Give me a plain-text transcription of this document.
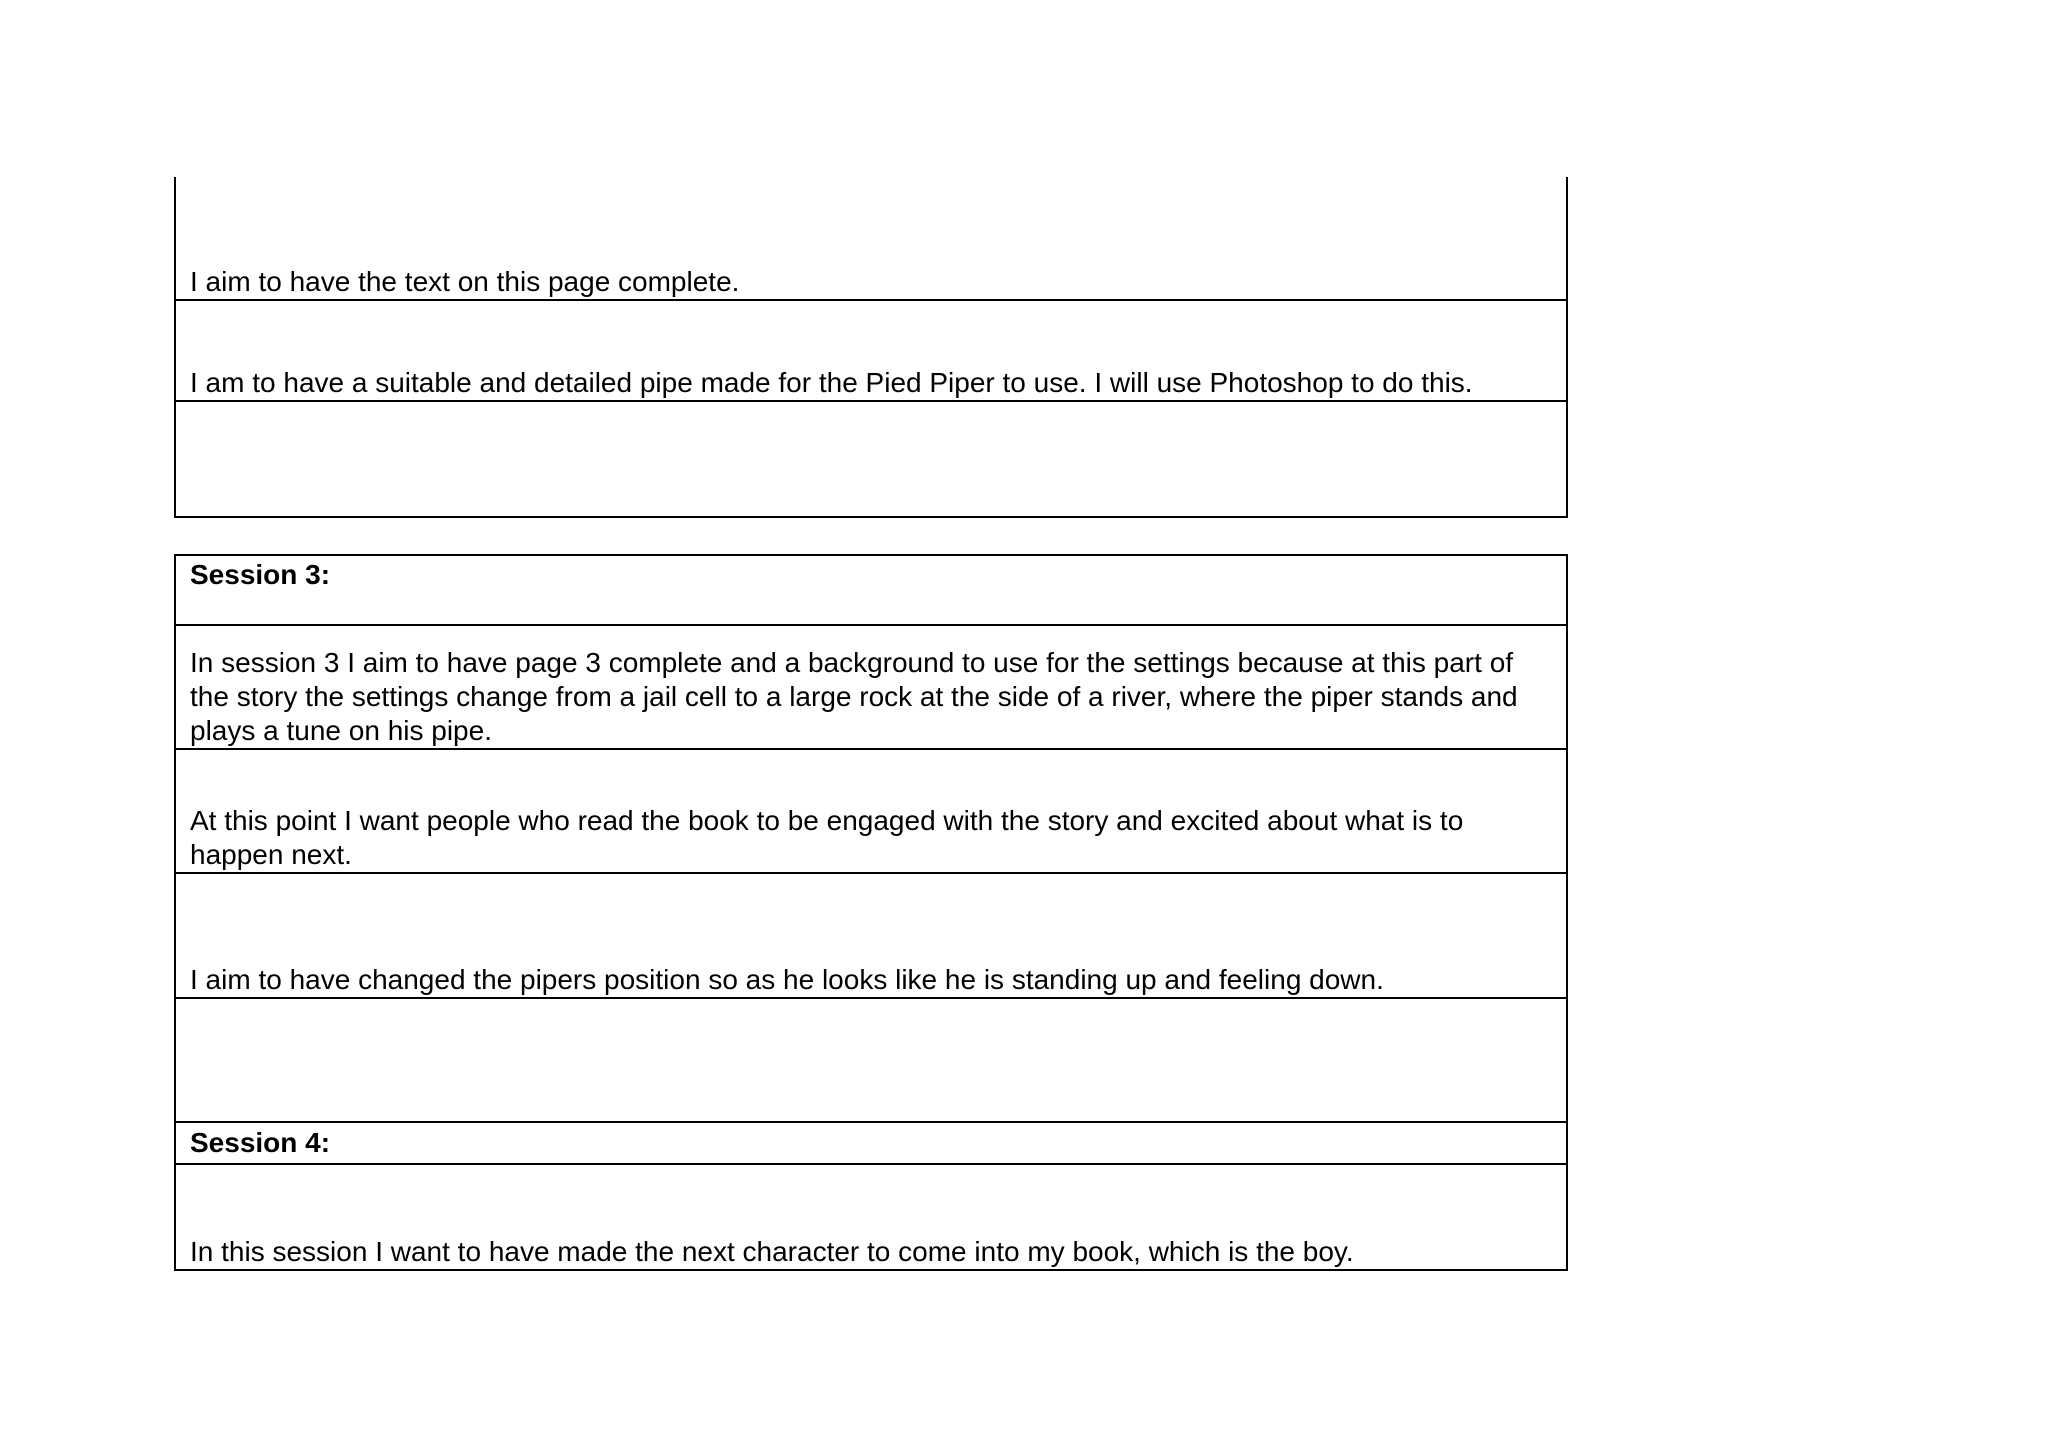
I aim to have the text on this page complete.
I am to have a suitable and detailed pipe made for the Pied Piper to use. I will use Photoshop to do this.
Session 3:
In session 3 I aim to have page 3 complete and a background to use for the settings because at this part of the story the settings change from a jail cell to a large rock at the side of a river, where the piper stands and plays a tune on his pipe.
At this point I want people who read the book to be engaged with the story and excited about what is to happen next.
I aim to have changed the pipers position so as he looks like he is standing up and feeling down.
Session 4:
In this session I want to have made the next character to come into my book, which is the boy.
